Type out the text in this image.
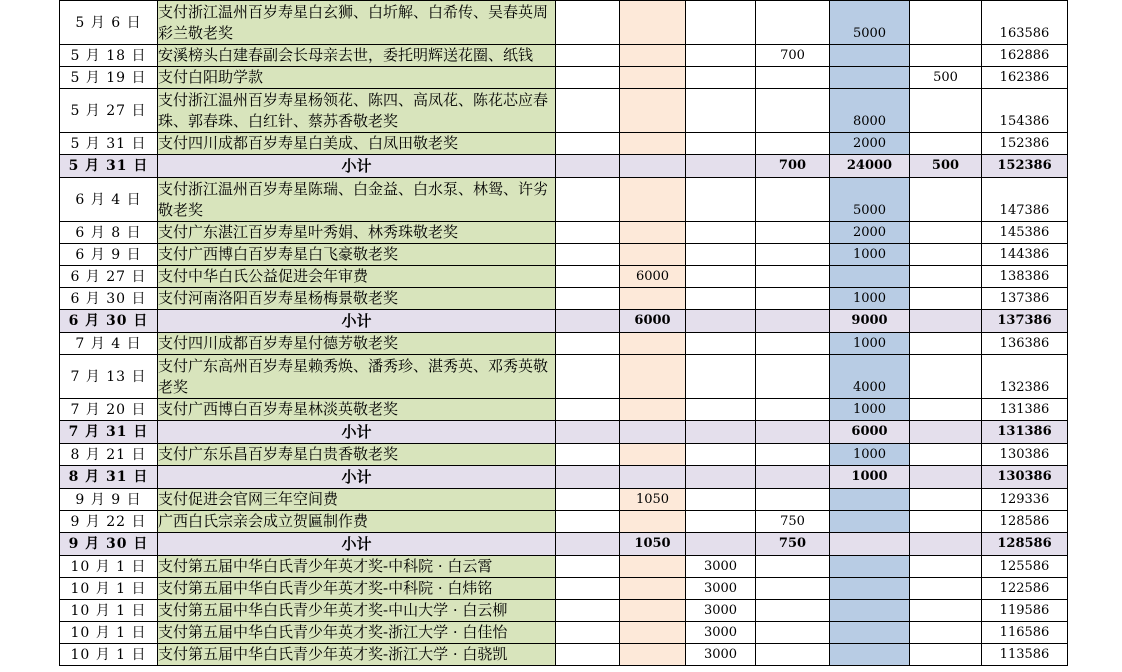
5 月 6 日	支付浙江温州百岁寿星白玄狮、白圻解、白希传、吴春英周彩兰敬老奖					5000		163586
5 月 18 日	安溪榜头白建春副会长母亲去世，委托明辉送花圈、纸钱				700			162886
5 月 19 日	支付白阳助学款						500	162386
5 月 27 日	支付浙江温州百岁寿星杨领花、陈四、高凤花、陈花芯应春珠、郭春珠、白红针、蔡苏香敬老奖					8000		154386
5 月 31 日	支付四川成都百岁寿星白美成、白凤田敬老奖					2000		152386
5 月 31 日	小计				700	24000	500	152386
6 月 4 日	支付浙江温州百岁寿星陈瑞、白金益、白水泵、林鸳、许劣敬老奖					5000		147386
6 月 8 日	支付广东湛江百岁寿星叶秀娟、林秀珠敬老奖					2000		145386
6 月 9 日	支付广西博白百岁寿星白飞豪敬老奖					1000		144386
6 月 27 日	支付中华白氏公益促进会年审费		6000					138386
6 月 30 日	支付河南洛阳百岁寿星杨梅景敬老奖					1000		137386
6 月 30 日	小计		6000			9000		137386
7 月 4 日	支付四川成都百岁寿星付德芳敬老奖					1000		136386
7 月 13 日	支付广东高州百岁寿星赖秀焕、潘秀珍、湛秀英、邓秀英敬老奖					4000		132386
7 月 20 日	支付广西博白百岁寿星林淡英敬老奖					1000		131386
7 月 31 日	小计					6000		131386
8 月 21 日	支付广东乐昌百岁寿星白贵香敬老奖					1000		130386
8 月 31 日	小计					1000		130386
9 月 9 日	支付促进会官网三年空间费		1050					129336
9 月 22 日	广西白氏宗亲会成立贺匾制作费				750			128586
9 月 30 日	小计		1050		750			128586
10 月 1 日	支付第五届中华白氏青少年英才奖-中科院 · 白云霄			3000				125586
10 月 1 日	支付第五届中华白氏青少年英才奖-中科院 · 白炜铭			3000				122586
10 月 1 日	支付第五届中华白氏青少年英才奖-中山大学 · 白云柳			3000				119586
10 月 1 日	支付第五届中华白氏青少年英才奖-浙江大学 · 白佳怡			3000				116586
10 月 1 日	支付第五届中华白氏青少年英才奖-浙江大学 · 白骁凯			3000				113586
